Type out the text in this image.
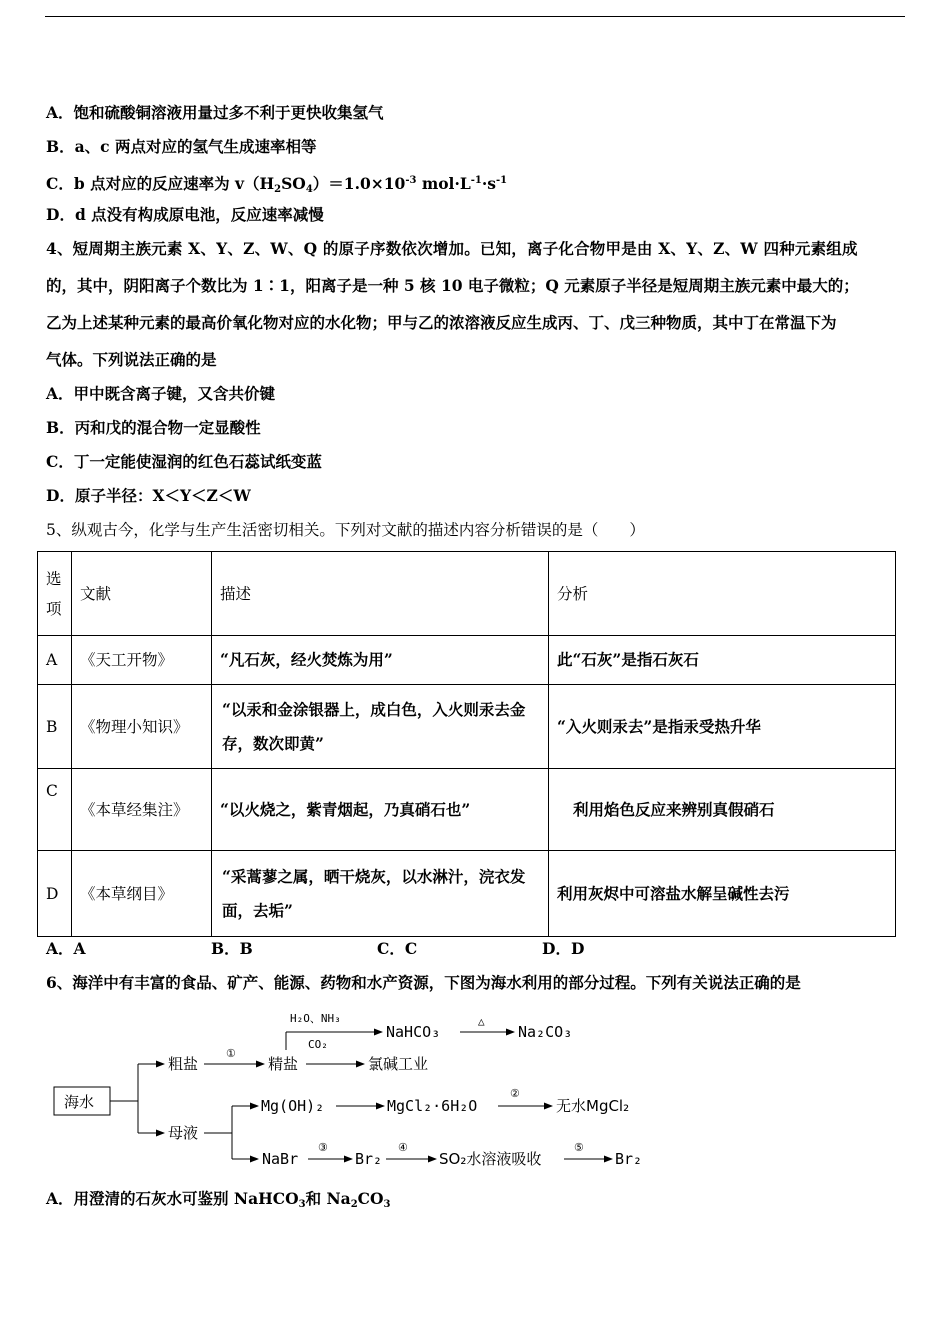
A．饱和硫酸铜溶液用量过多不利于更快收集氢气
B．a、c 两点对应的氢气生成速率相等
C．b 点对应的反应速率为 $v(H_2SO_4)=1.0\times 10^{-3}$ $mol\cdot L^{-1}\cdot s^{-1}$
D．d 点没有构成原电池，反应速率减慢
4、短周期主族元素 X、Y、Z、W、Q 的原子序数依次增加。已知，离子化合物甲是由 X、Y、Z、W 四种元素组成
的，其中，阴阳离子个数比为 1∶1，阳离子是一种 5 核 10 电子微粒；Q 元素原子半径是短周期主族元素中最大的；
乙为上述某种元素的最高价氧化物对应的水化物；甲与乙的浓溶液反应生成丙、丁、戊三种物质，其中丁在常温下为
气体。下列说法正确的是
A．甲中既含离子键，又含共价键
B．丙和戊的混合物一定显酸性
C．丁一定能使湿润的红色石蕊试纸变蓝
D．原子半径：X＜Y＜Z＜W
5、纵观古今，化学与生产生活密切相关。下列对文献的描述内容分析错误的是（　　）
选项	文献	描述	分析
A	《天工开物》	“凡石灰，经火焚炼为用”	此“石灰”是指石灰石
B	《物理小知识》	“以汞和金涂银器上，成白色，入火则汞去金存，数次即黄”	“入火则汞去”是指汞受热升华
C	《本草经集注》	“以火烧之，紫青烟起，乃真硝石也”	利用焰色反应来辨别真假硝石
D	《本草纲目》	“采蒿蓼之属，晒干烧灰，以水淋汁，浣衣发面，去垢”	利用灰烬中可溶盐水解呈碱性去污
A．A	B．B	C．C	D．D
6、海洋中有丰富的食品、矿产、能源、药物和水产资源，下图为海水利用的部分过程。下列有关说法正确的是
海水
粗盐
①
精盐
H₂O、NH₃
CO₂
NaHCO₃
△
Na₂CO₃
氯碱工业
母液
Mg(OH)₂	MgCl₂·6H₂O
②
无水MgCl₂
NaBr
③
Br₂
④
SO₂水溶液吸收
⑤
Br₂
A．用澄清的石灰水可鉴别 NaHCO$_3$和 $Na_2CO_3$
